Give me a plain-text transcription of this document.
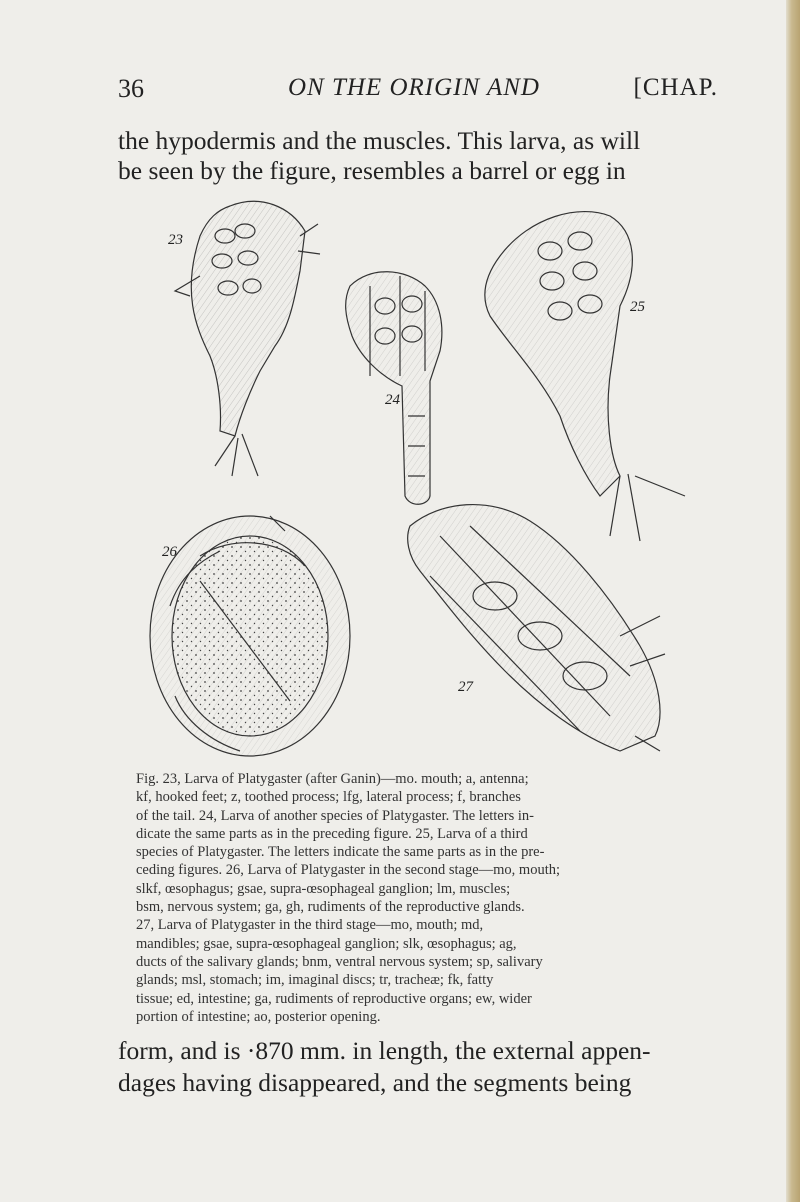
36	ON THE ORIGIN AND	[CHAP.
the hypodermis and the muscles. This larva, as will
be seen by the figure, resembles a barrel or egg in
23
24
25
26
27
Fig. 23, Larva of Platygaster (after Ganin)—mo. mouth; a, antenna;
kf, hooked feet; z, toothed process; lfg, lateral process; f, branches
of the tail. 24, Larva of another species of Platygaster. The letters in-
dicate the same parts as in the preceding figure. 25, Larva of a third
species of Platygaster. The letters indicate the same parts as in the pre-
ceding figures. 26, Larva of Platygaster in the second stage—mo, mouth;
slkf, œsophagus; gsae, supra-œsophageal ganglion; lm, muscles;
bsm, nervous system; ga, gh, rudiments of the reproductive glands.
27, Larva of Platygaster in the third stage—mo, mouth; md,
mandibles; gsae, supra-œsophageal ganglion; slk, œsophagus; ag,
ducts of the salivary glands; bnm, ventral nervous system; sp, salivary
glands; msl, stomach; im, imaginal discs; tr, tracheæ; fk, fatty
tissue; ed, intestine; ga, rudiments of reproductive organs; ew, wider
portion of intestine; ao, posterior opening.
form, and is ·870 mm. in length, the external appen-
dages having disappeared, and the segments being
